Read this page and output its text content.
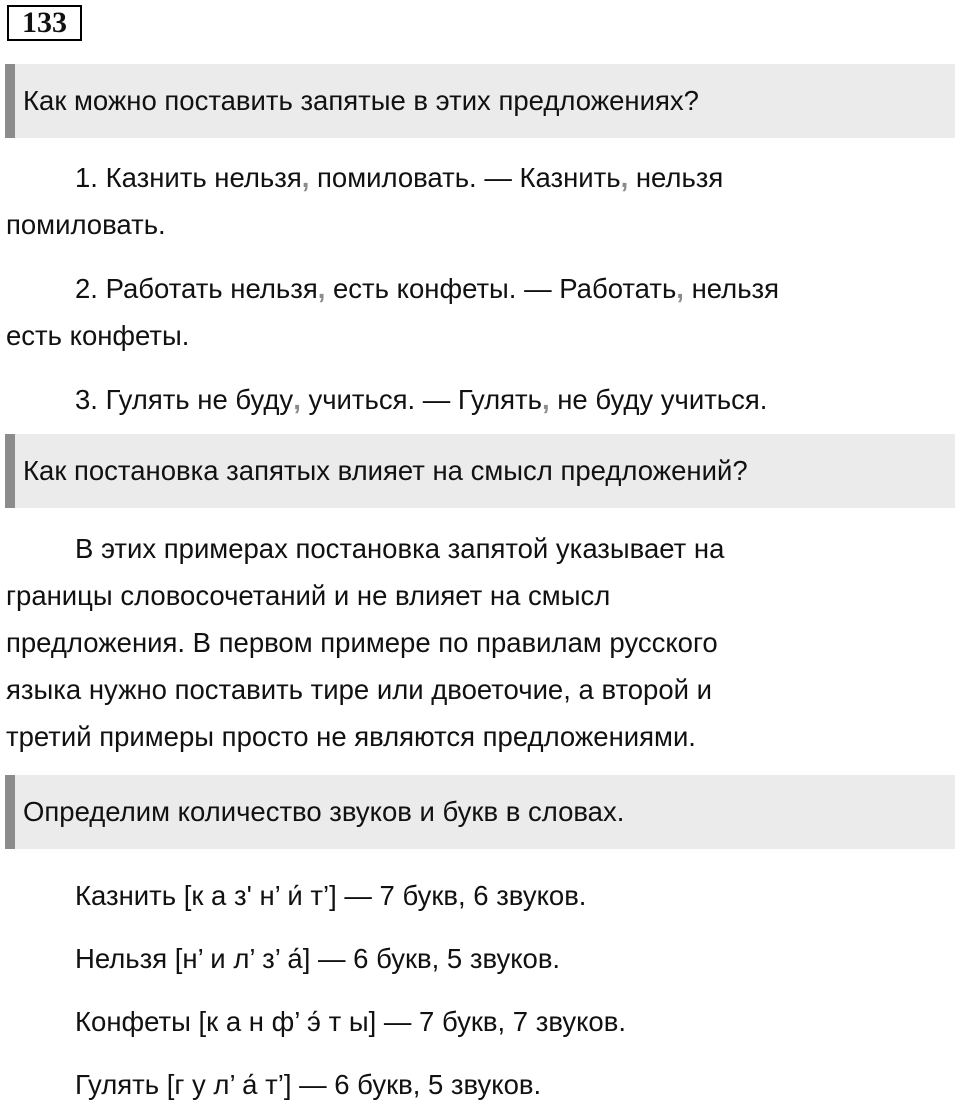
133
Как можно поставить запятые в этих предложениях?
1. Казнить нельзя, помиловать. — Казнить, нельзя
помиловать.
2. Работать нельзя, есть конфеты. — Работать, нельзя
есть конфеты.
3. Гулять не буду, учиться. — Гулять, не буду учиться.
Как постановка запятых влияет на смысл предложений?
В этих примерах постановка запятой указывает на
границы словосочетаний и не влияет на смысл
предложения. В первом примере по правилам русского
языка нужно поставить тире или двоеточие, а второй и
третий примеры просто не являются предложениями.
Определим количество звуков и букв в словах.
Казнить [к а з' н’ и́ т’] — 7 букв, 6 звуков.
Нельзя [н’ и л’ з’ а́] — 6 букв, 5 звуков.
Конфеты [к а н ф’ э́ т ы] — 7 букв, 7 звуков.
Гулять [г у л’ а́ т’] — 6 букв, 5 звуков.
